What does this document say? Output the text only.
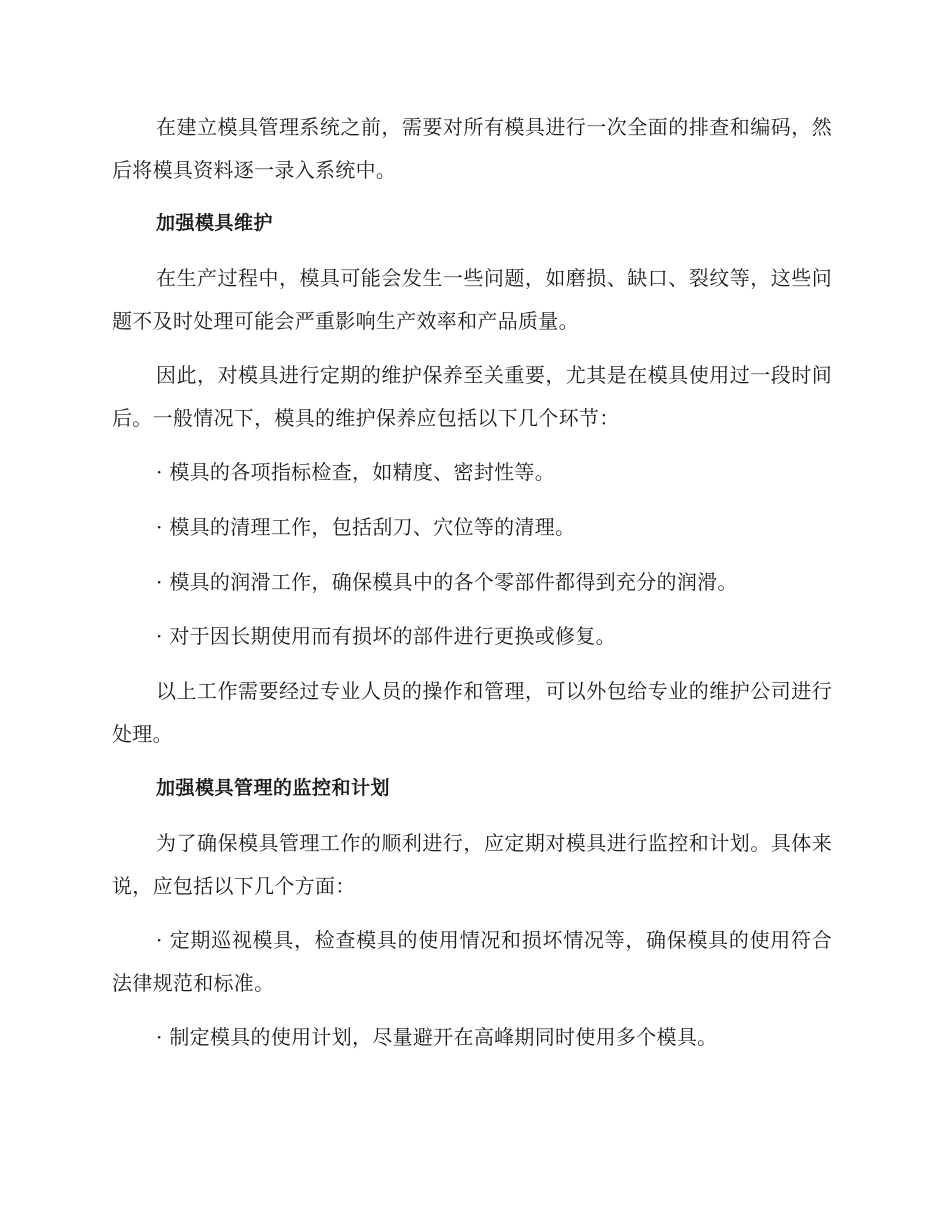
在建立模具管理系统之前，需要对所有模具进行一次全面的排查和编码，然后将模具资料逐一录入系统中。

加强模具维护

在生产过程中，模具可能会发生一些问题，如磨损、缺口、裂纹等，这些问题不及时处理可能会严重影响生产效率和产品质量。

因此，对模具进行定期的维护保养至关重要，尤其是在模具使用过一段时间后。一般情况下，模具的维护保养应包括以下几个环节：

· 模具的各项指标检查，如精度、密封性等。

· 模具的清理工作，包括刮刀、穴位等的清理。

· 模具的润滑工作，确保模具中的各个零部件都得到充分的润滑。

· 对于因长期使用而有损坏的部件进行更换或修复。

以上工作需要经过专业人员的操作和管理，可以外包给专业的维护公司进行处理。

加强模具管理的监控和计划

为了确保模具管理工作的顺利进行，应定期对模具进行监控和计划。具体来说，应包括以下几个方面：

· 定期巡视模具，检查模具的使用情况和损坏情况等，确保模具的使用符合法律规范和标准。

· 制定模具的使用计划，尽量避开在高峰期同时使用多个模具。
